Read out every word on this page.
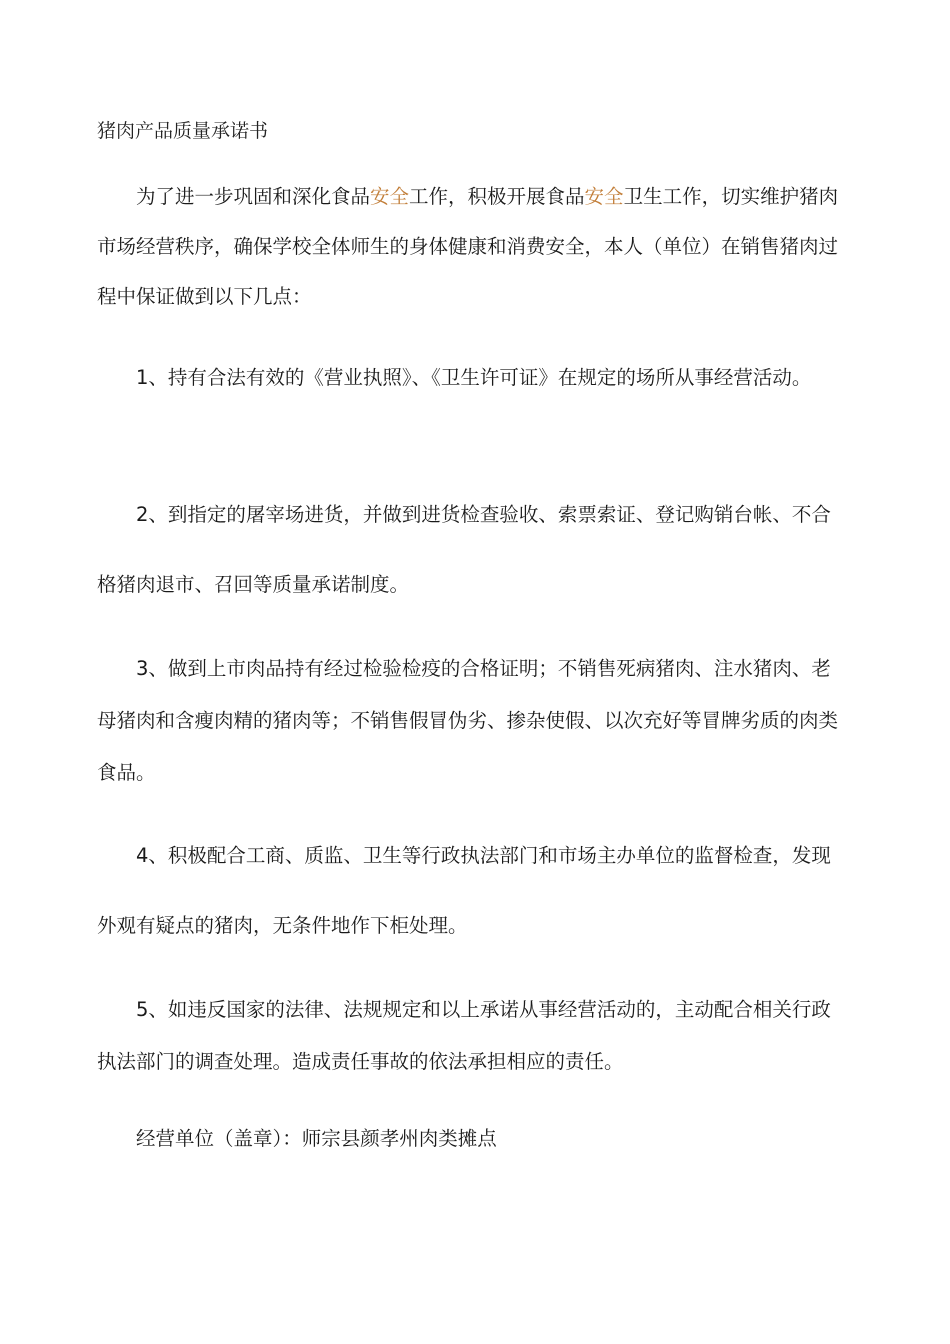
猪肉产品质量承诺书

为了进一步巩固和深化食品安全工作，积极开展食品安全卫生工作，切实维护猪肉市场经营秩序，确保学校全体师生的身体健康和消费安全，本人（单位）在销售猪肉过程中保证做到以下几点：

1、持有合法有效的《营业执照》、《卫生许可证》在规定的场所从事经营活动。

2、到指定的屠宰场进货，并做到进货检查验收、索票索证、登记购销台帐、不合格猪肉退市、召回等质量承诺制度。

3、做到上市肉品持有经过检验检疫的合格证明；不销售死病猪肉、注水猪肉、老母猪肉和含瘦肉精的猪肉等；不销售假冒伪劣、掺杂使假、以次充好等冒牌劣质的肉类食品。

4、积极配合工商、质监、卫生等行政执法部门和市场主办单位的监督检查，发现外观有疑点的猪肉，无条件地作下柜处理。

5、如违反国家的法律、法规规定和以上承诺从事经营活动的，主动配合相关行政执法部门的调查处理。造成责任事故的依法承担相应的责任。

经营单位（盖章）：师宗县颜孝州肉类摊点
